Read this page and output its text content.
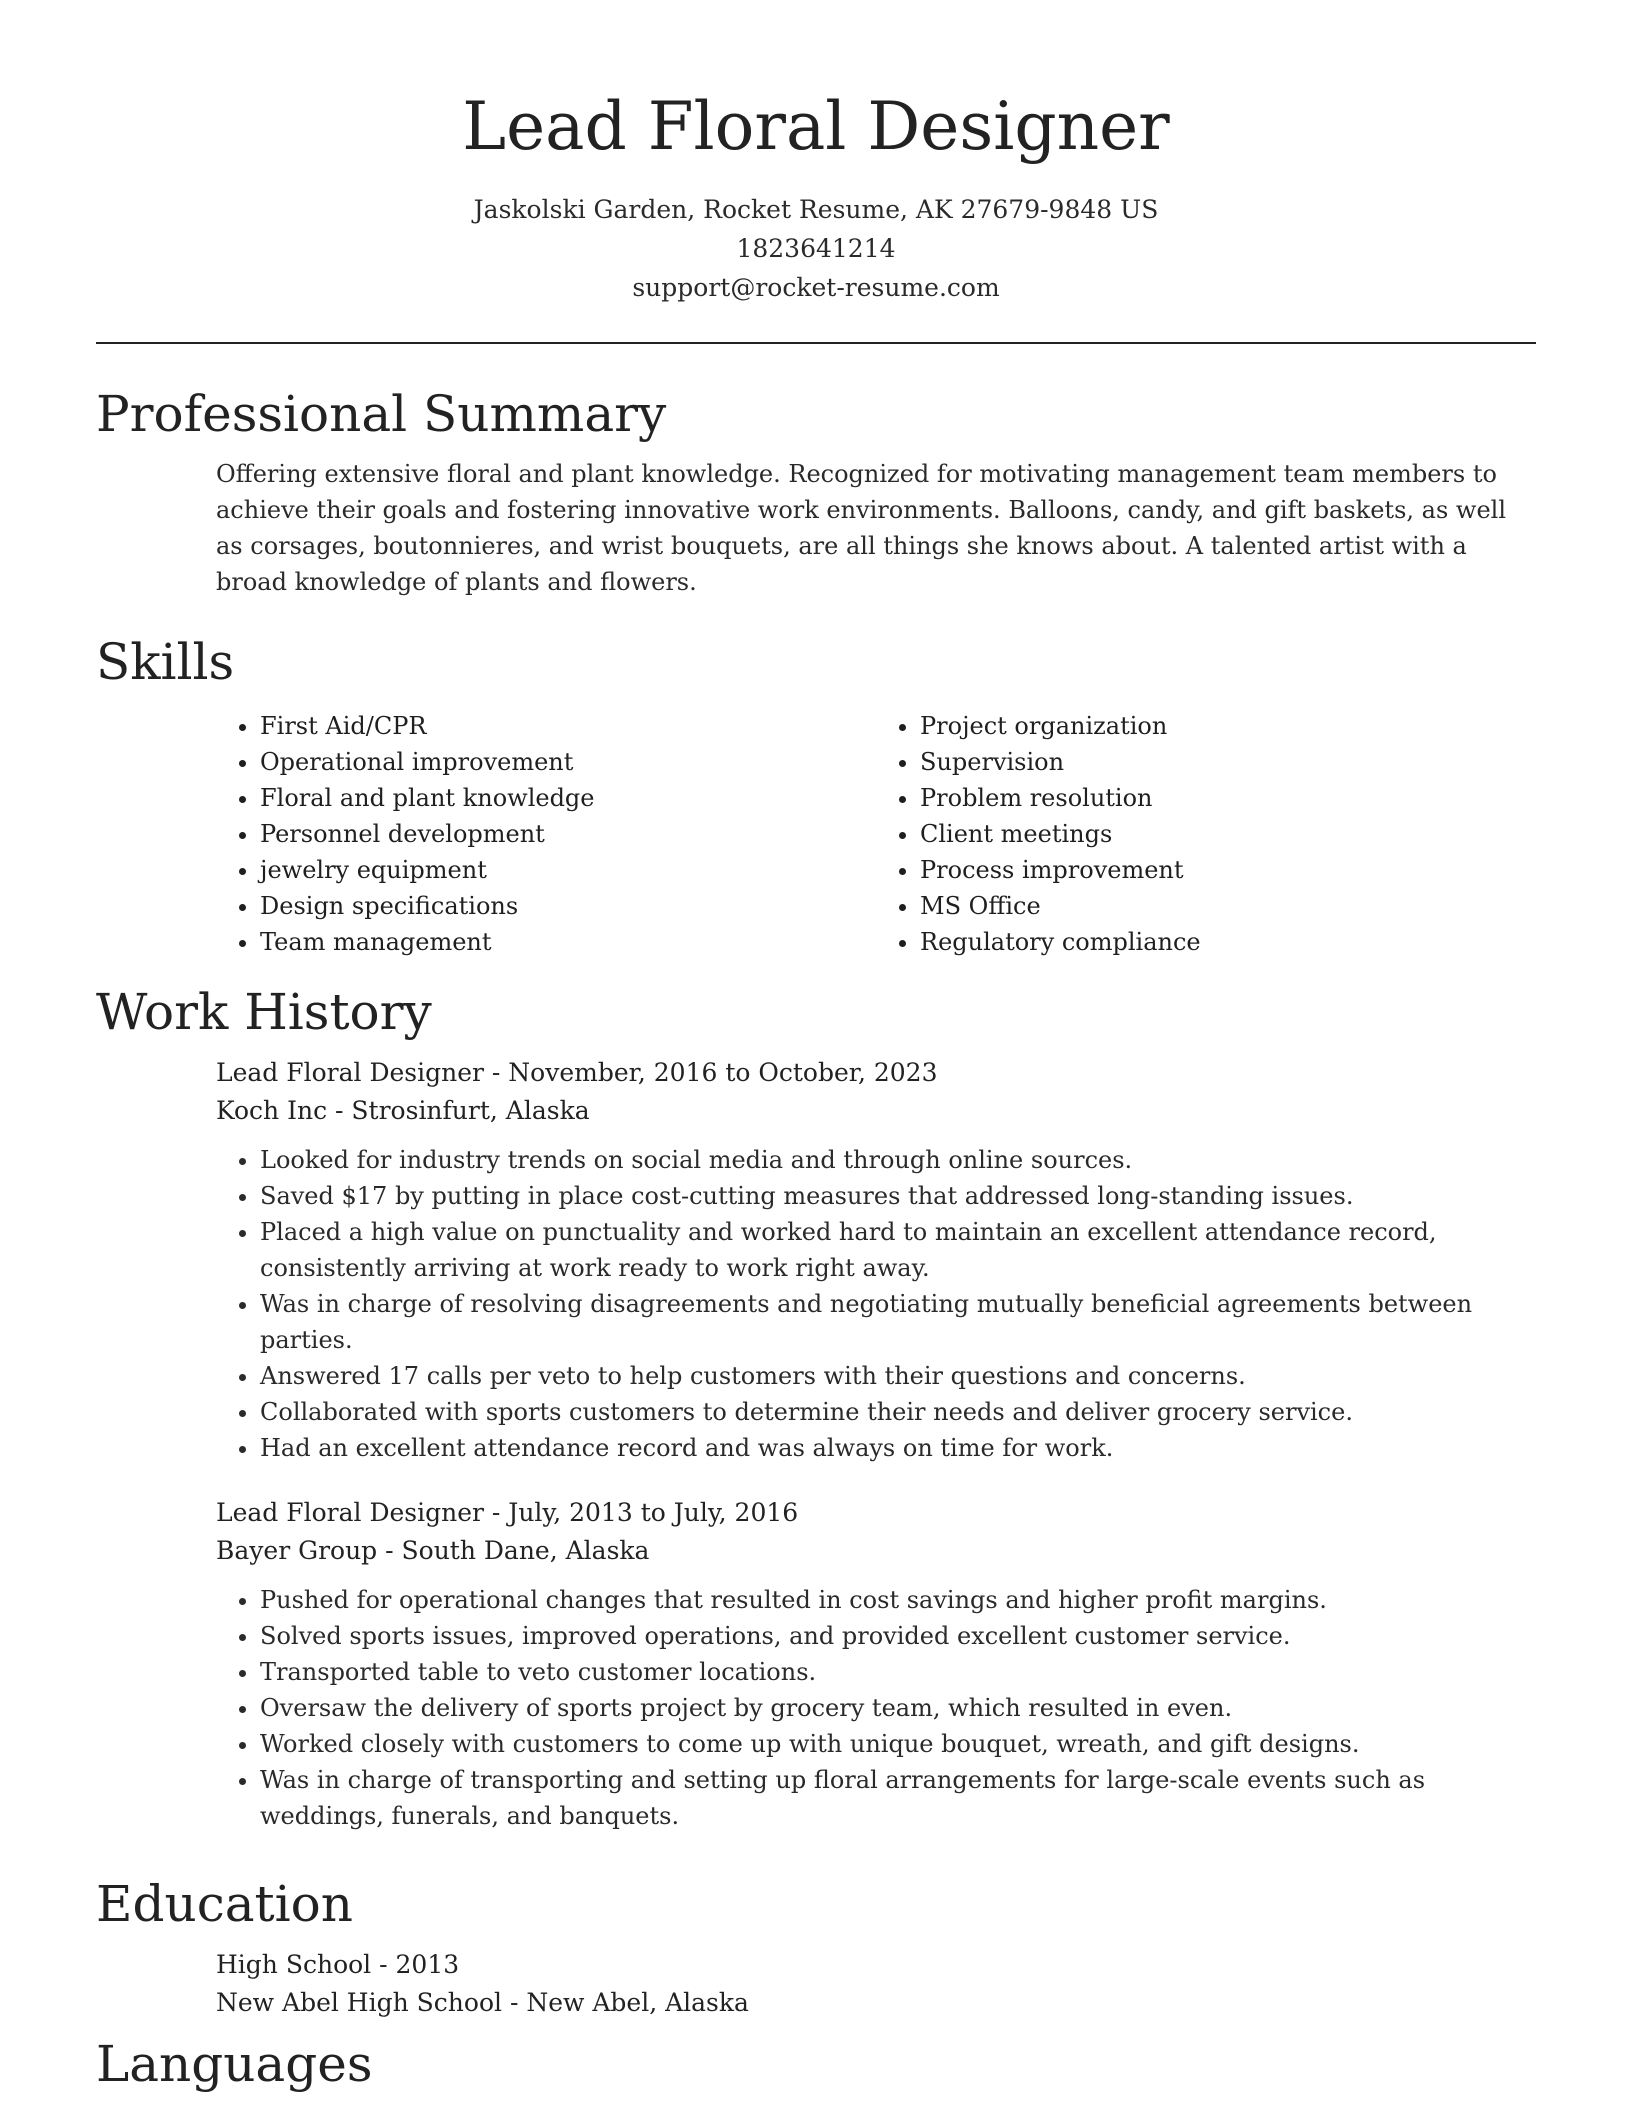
Lead Floral Designer
Jaskolski Garden, Rocket Resume, AK 27679-9848 US
1823641214
support@rocket-resume.com
Professional Summary

Offering extensive floral and plant knowledge. Recognized for motivating management team members to achieve their goals and fostering innovative work environments. Balloons, candy, and gift baskets, as well as corsages, boutonnieres, and wrist bouquets, are all things she knows about. A talented artist with a broad knowledge of plants and flowers.

Skills
• First Aid/CPR
• Operational improvement
• Floral and plant knowledge
• Personnel development
• jewelry equipment
• Design specifications
• Team management
• Project organization
• Supervision
• Problem resolution
• Client meetings
• Process improvement
• MS Office
• Regulatory compliance
Work History
Lead Floral Designer - November, 2016 to October, 2023
Koch Inc - Strosinfurt, Alaska
• Looked for industry trends on social media and through online sources.
• Saved $17 by putting in place cost-cutting measures that addressed long-standing issues.
• Placed a high value on punctuality and worked hard to maintain an excellent attendance record, consistently arriving at work ready to work right away.
• Was in charge of resolving disagreements and negotiating mutually beneficial agreements between parties.
• Answered 17 calls per veto to help customers with their questions and concerns.
• Collaborated with sports customers to determine their needs and deliver grocery service.
• Had an excellent attendance record and was always on time for work.
Lead Floral Designer - July, 2013 to July, 2016
Bayer Group - South Dane, Alaska
• Pushed for operational changes that resulted in cost savings and higher profit margins.
• Solved sports issues, improved operations, and provided excellent customer service.
• Transported table to veto customer locations.
• Oversaw the delivery of sports project by grocery team, which resulted in even.
• Worked closely with customers to come up with unique bouquet, wreath, and gift designs.
• Was in charge of transporting and setting up floral arrangements for large-scale events such as weddings, funerals, and banquets.
Education
High School - 2013
New Abel High School - New Abel, Alaska
Languages
